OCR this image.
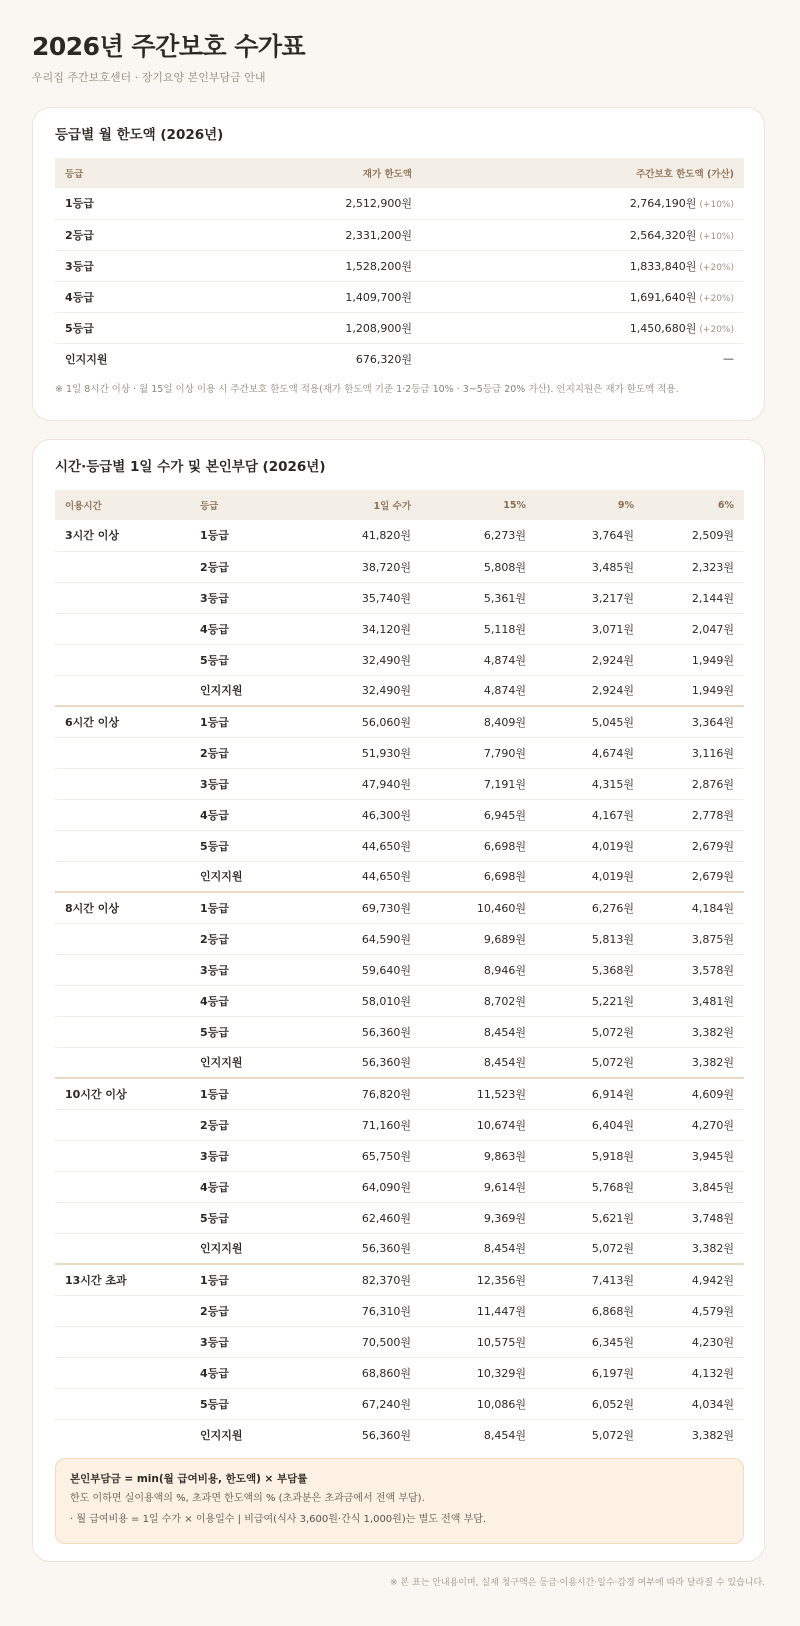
2026년 주간보호 수가표
우리집 주간보호센터 · 장기요양 본인부담금 안내
등급별 월 한도액 (2026년)
등급	재가 한도액	주간보호 한도액 (가산)
1등급	2,512,900원	2,764,190원 (+10%)
2등급	2,331,200원	2,564,320원 (+10%)
3등급	1,528,200원	1,833,840원 (+20%)
4등급	1,409,700원	1,691,640원 (+20%)
5등급	1,208,900원	1,450,680원 (+20%)
인지지원	676,320원	—
※ 1일 8시간 이상 · 월 15일 이상 이용 시 주간보호 한도액 적용(재가 한도액 기준 1·2등급 10% · 3~5등급 20% 가산). 인지지원은 재가 한도액 적용.
시간·등급별 1일 수가 및 본인부담 (2026년)
이용시간	등급	1일 수가	15%	9%	6%
3시간 이상	1등급	41,820원	6,273원	3,764원	2,509원
	2등급	38,720원	5,808원	3,485원	2,323원
	3등급	35,740원	5,361원	3,217원	2,144원
	4등급	34,120원	5,118원	3,071원	2,047원
	5등급	32,490원	4,874원	2,924원	1,949원
	인지지원	32,490원	4,874원	2,924원	1,949원
6시간 이상	1등급	56,060원	8,409원	5,045원	3,364원
	2등급	51,930원	7,790원	4,674원	3,116원
	3등급	47,940원	7,191원	4,315원	2,876원
	4등급	46,300원	6,945원	4,167원	2,778원
	5등급	44,650원	6,698원	4,019원	2,679원
	인지지원	44,650원	6,698원	4,019원	2,679원
8시간 이상	1등급	69,730원	10,460원	6,276원	4,184원
	2등급	64,590원	9,689원	5,813원	3,875원
	3등급	59,640원	8,946원	5,368원	3,578원
	4등급	58,010원	8,702원	5,221원	3,481원
	5등급	56,360원	8,454원	5,072원	3,382원
	인지지원	56,360원	8,454원	5,072원	3,382원
10시간 이상	1등급	76,820원	11,523원	6,914원	4,609원
	2등급	71,160원	10,674원	6,404원	4,270원
	3등급	65,750원	9,863원	5,918원	3,945원
	4등급	64,090원	9,614원	5,768원	3,845원
	5등급	62,460원	9,369원	5,621원	3,748원
	인지지원	56,360원	8,454원	5,072원	3,382원
13시간 초과	1등급	82,370원	12,356원	7,413원	4,942원
	2등급	76,310원	11,447원	6,868원	4,579원
	3등급	70,500원	10,575원	6,345원	4,230원
	4등급	68,860원	10,329원	6,197원	4,132원
	5등급	67,240원	10,086원	6,052원	4,034원
	인지지원	56,360원	8,454원	5,072원	3,382원
본인부담금 = min(월 급여비용, 한도액) × 부담률
한도 이하면 실이용액의 %, 초과면 한도액의 % (초과분은 초과금에서 전액 부담).
· 월 급여비용 = 1일 수가 × 이용일수 | 비급여(식사 3,600원·간식 1,000원)는 별도 전액 부담.
※ 본 표는 안내용이며, 실제 청구액은 등급·이용시간·일수·감경 여부에 따라 달라질 수 있습니다.
